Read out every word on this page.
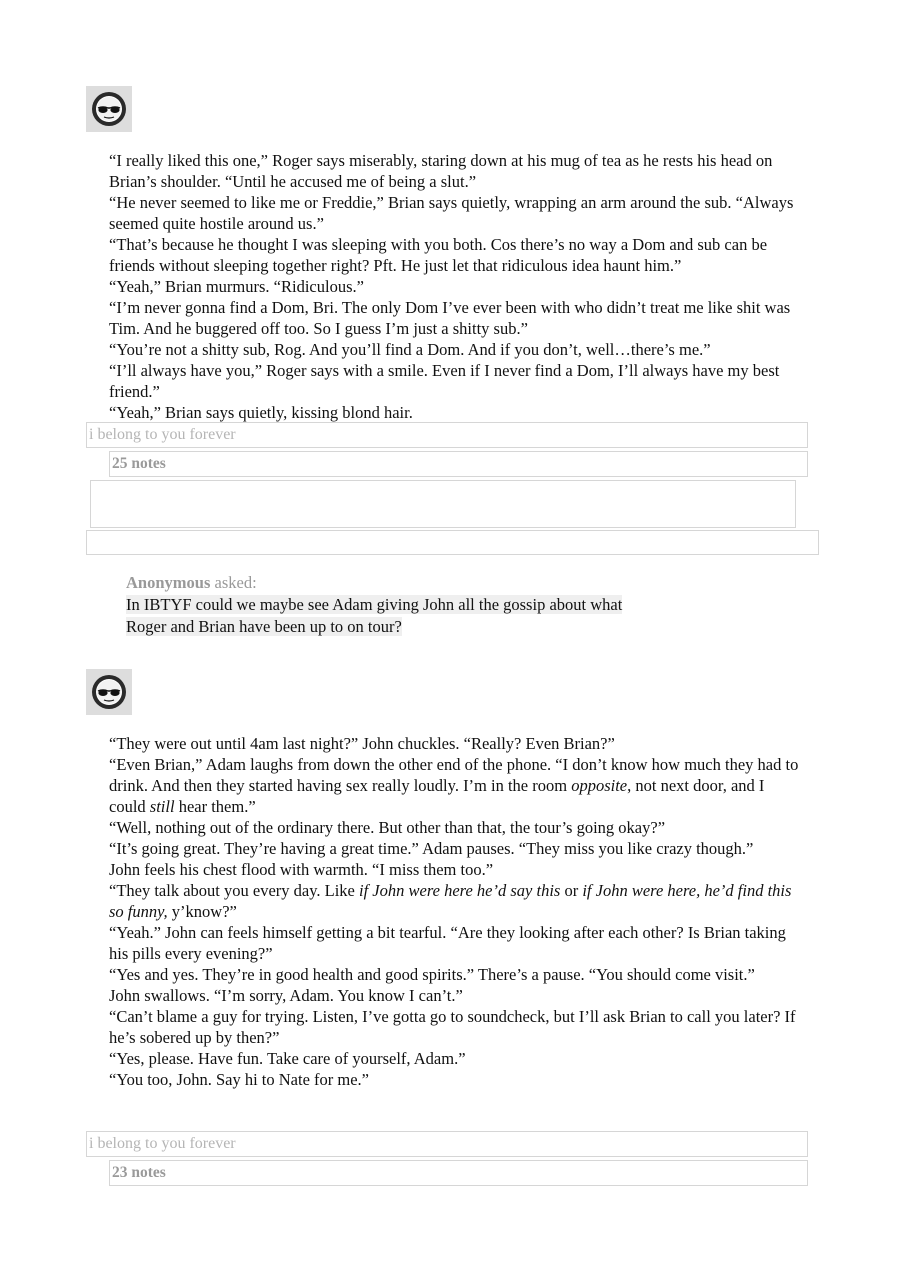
“I really liked this one,” Roger says miserably, staring down at his mug of tea as he rests his head on Brian’s shoulder. “Until he accused me of being a slut.”

“He never seemed to like me or Freddie,” Brian says quietly, wrapping an arm around the sub. “Always seemed quite hostile around us.”

“That’s because he thought I was sleeping with you both. Cos there’s no way a Dom and sub can be friends without sleeping together right? Pft. He just let that ridiculous idea haunt him.”

“Yeah,” Brian murmurs. “Ridiculous.”

“I’m never gonna find a Dom, Bri. The only Dom I’ve ever been with who didn’t treat me like shit was Tim. And he buggered off too. So I guess I’m just a shitty sub.”

“You’re not a shitty sub, Rog. And you’ll find a Dom. And if you don’t, well…there’s me.”

“I’ll always have you,” Roger says with a smile. Even if I never find a Dom, I’ll always have my best friend.”

“Yeah,” Brian says quietly, kissing blond hair.

i belong to you forever
25 notes
Anonymous asked:
In IBTYF could we maybe see Adam giving John all the gossip about what
Roger and Brian have been up to on tour?

“They were out until 4am last night?” John chuckles. “Really? Even Brian?”

“Even Brian,” Adam laughs from down the other end of the phone. “I don’t know how much they had to drink. And then they started having sex really loudly. I’m in the room opposite, not next door, and I could still hear them.”

“Well, nothing out of the ordinary there. But other than that, the tour’s going okay?”

“It’s going great. They’re having a great time.” Adam pauses. “They miss you like crazy though.”

John feels his chest flood with warmth. “I miss them too.”

“They talk about you every day. Like if John were here he’d say this or if John were here, he’d find this so funny, y’know?”

“Yeah.” John can feels himself getting a bit tearful. “Are they looking after each other? Is Brian taking his pills every evening?”

“Yes and yes. They’re in good health and good spirits.” There’s a pause. “You should come visit.”

John swallows. “I’m sorry, Adam. You know I can’t.”

“Can’t blame a guy for trying. Listen, I’ve gotta go to soundcheck, but I’ll ask Brian to call you later? If he’s sobered up by then?”

“Yes, please. Have fun. Take care of yourself, Adam.”

“You too, John. Say hi to Nate for me.”

i belong to you forever
23 notes
